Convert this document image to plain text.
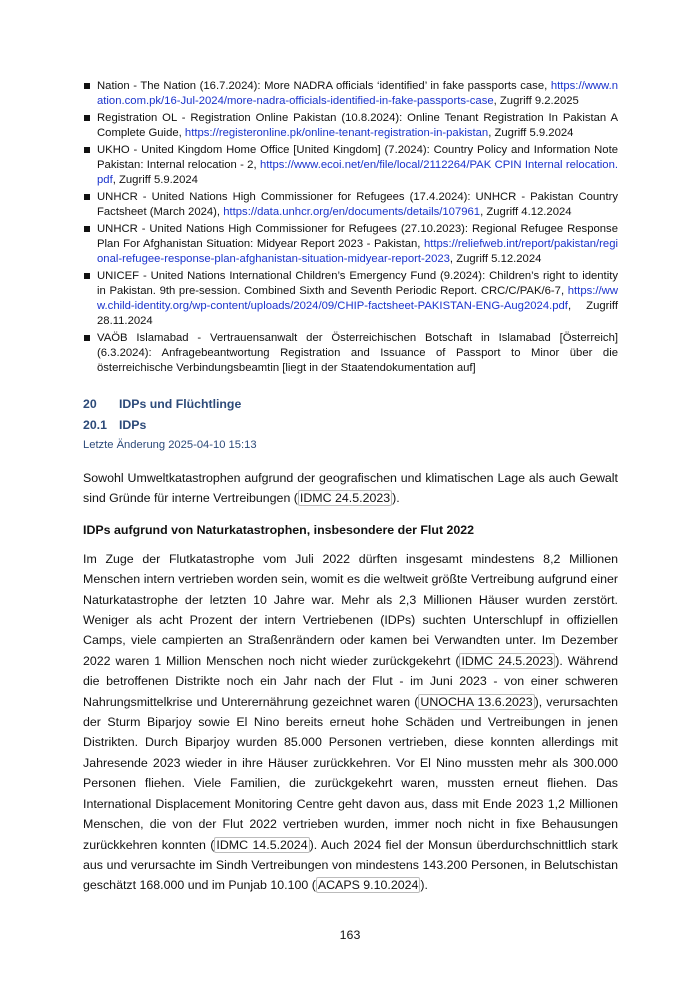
Nation - The Nation (16.7.2024): More NADRA officials ‘identified’ in fake passports case, https://www.nation.com.pk/16-Jul-2024/more-nadra-officials-identified-in-fake-passports-case, Zugriff 9.2.2025
Registration OL - Registration Online Pakistan (10.8.2024): Online Tenant Registration In Pakistan A Complete Guide, https://registeronline.pk/online-tenant-registration-in-pakistan, Zugriff 5.9.2024
UKHO - United Kingdom Home Office [United Kingdom] (7.2024): Country Policy and Information Note Pakistan: Internal relocation - 2, https://www.ecoi.net/en/file/local/2112264/PAK CPIN Internal relocation.pdf, Zugriff 5.9.2024
UNHCR - United Nations High Commissioner for Refugees (17.4.2024): UNHCR - Pakistan Country Factsheet (March 2024), https://data.unhcr.org/en/documents/details/107961, Zugriff 4.12.2024
UNHCR - United Nations High Commissioner for Refugees (27.10.2023): Regional Refugee Response Plan For Afghanistan Situation: Midyear Report 2023 - Pakistan, https://reliefweb.int/report/pakistan/regional-refugee-response-plan-afghanistan-situation-midyear-report-2023, Zugriff 5.12.2024
UNICEF - United Nations International Children’s Emergency Fund (9.2024): Children’s right to identity in Pakistan. 9th pre-session. Combined Sixth and Seventh Periodic Report. CRC/C/PAK/6-7, https://www.child-identity.org/wp-content/uploads/2024/09/CHIP-factsheet-PAKISTAN-ENG-Aug2024.pdf, Zugriff 28.11.2024
VAÖB Islamabad - Vertrauensanwalt der Österreichischen Botschaft in Islamabad [Österreich] (6.3.2024): Anfragebeantwortung Registration and Issuance of Passport to Minor über die österreichische Verbindungsbeamtin [liegt in der Staatendokumentation auf]
20 IDPs und Flüchtlinge
20.1 IDPs
Letzte Änderung 2025-04-10 15:13

Sowohl Umweltkatastrophen aufgrund der geografischen und klimatischen Lage als auch Gewalt sind Gründe für interne Vertreibungen ( IDMC 24.5.2023 ).

IDPs aufgrund von Naturkatastrophen, insbesondere der Flut 2022

Im Zuge der Flutkatastrophe vom Juli 2022 dürften insgesamt mindestens 8,2 Millionen Menschen intern vertrieben worden sein, womit es die weltweit größte Vertreibung aufgrund einer Naturkatastrophe der letzten 10 Jahre war. Mehr als 2,3 Millionen Häuser wurden zerstört. Weniger als acht Prozent der intern Vertriebenen (IDPs) suchten Unterschlupf in offiziellen Camps, viele campierten an Straßenrändern oder kamen bei Verwandten unter. Im Dezember 2022 waren 1 Million Menschen noch nicht wieder zurückgekehrt ( IDMC 24.5.2023 ). Während die betroffenen Distrikte noch ein Jahr nach der Flut - im Juni 2023 - von einer schweren Nahrungsmittelkrise und Unterernährung gezeichnet waren ( UNOCHA 13.6.2023 ), verursachten der Sturm Biparjoy sowie El Nino bereits erneut hohe Schäden und Vertreibungen in jenen Distrikten. Durch Biparjoy wurden 85.000 Personen vertrieben, diese konnten allerdings mit Jahresende 2023 wieder in ihre Häuser zurückkehren. Vor El Nino mussten mehr als 300.000 Personen fliehen. Viele Familien, die zurückgekehrt waren, mussten erneut fliehen. Das International Displacement Monitoring Centre geht davon aus, dass mit Ende 2023 1,2 Millionen Menschen, die von der Flut 2022 vertrieben wurden, immer noch nicht in fixe Behausungen zurückkehren konnten ( IDMC 14.5.2024 ). Auch 2024 fiel der Monsun überdurchschnittlich stark aus und verursachte im Sindh Vertreibungen von mindestens 143.200 Personen, in Belutschistan geschätzt 168.000 und im Punjab 10.100 ( ACAPS 9.10.2024 ).

163
